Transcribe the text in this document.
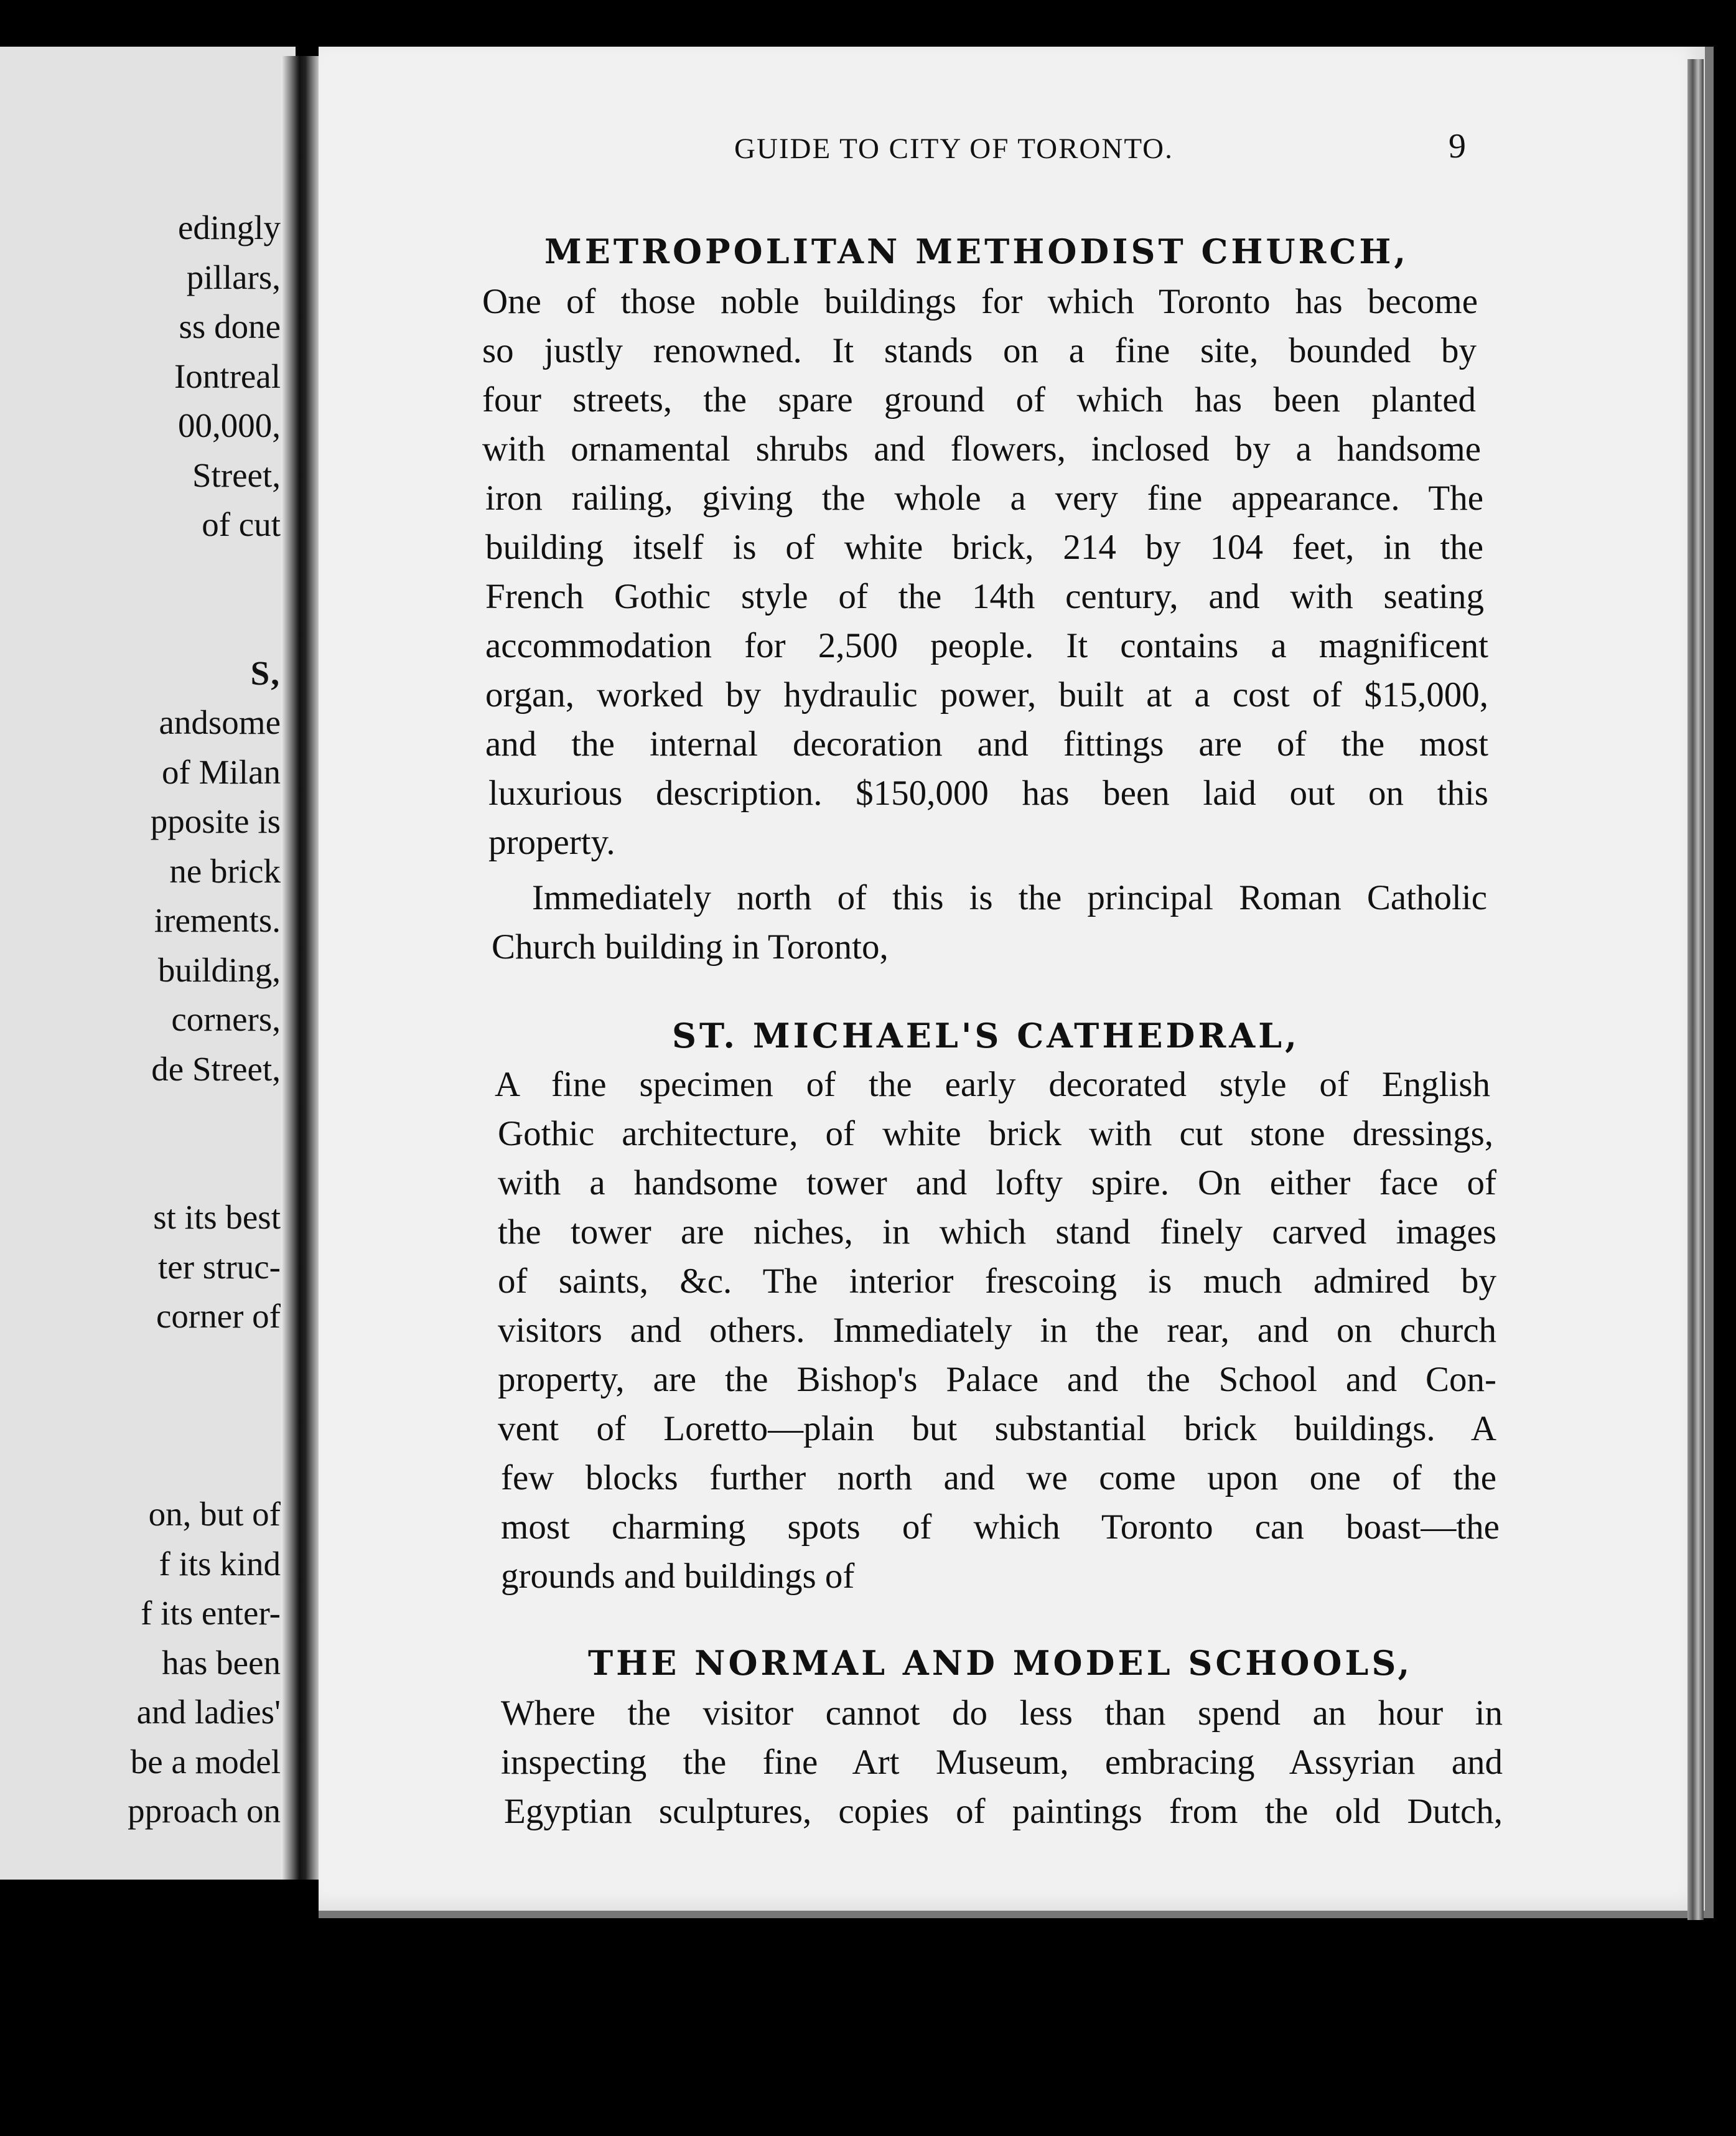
edingly
pillars,
ss done
Iontreal
00,000,
Street,
of cut
S,
andsome
of Milan
pposite is
ne brick
irements.
building,
corners,
de Street,
st its best
ter struc-
corner of
on, but of
f its kind
f its enter-
has been
and ladies'
be a model
pproach on
GUIDE TO CITY OF TORONTO.	9
METROPOLITAN METHODIST CHURCH,
One of those noble buildings for which Toronto has become
so justly renowned. It stands on a fine site, bounded by
four streets, the spare ground of which has been planted
with ornamental shrubs and flowers, inclosed by a handsome
iron railing, giving the whole a very fine appearance. The
building itself is of white brick, 214 by 104 feet, in the
French Gothic style of the 14th century, and with seating
accommodation for 2,500 people. It contains a magnificent
organ, worked by hydraulic power, built at a cost of $15,000,
and the internal decoration and fittings are of the most
luxurious description. $150,000 has been laid out on this
property.
Immediately north of this is the principal Roman Catholic
Church building in Toronto,
ST. MICHAEL'S CATHEDRAL,
A fine specimen of the early decorated style of English
Gothic architecture, of white brick with cut stone dressings,
with a handsome tower and lofty spire. On either face of
the tower are niches, in which stand finely carved images
of saints, &c. The interior frescoing is much admired by
visitors and others. Immediately in the rear, and on church
property, are the Bishop's Palace and the School and Con-
vent of Loretto—plain but substantial brick buildings. A
few blocks further north and we come upon one of the
most charming spots of which Toronto can boast—the
grounds and buildings of
THE NORMAL AND MODEL SCHOOLS,
Where the visitor cannot do less than spend an hour in
inspecting the fine Art Museum, embracing Assyrian and
Egyptian sculptures, copies of paintings from the old Dutch,
